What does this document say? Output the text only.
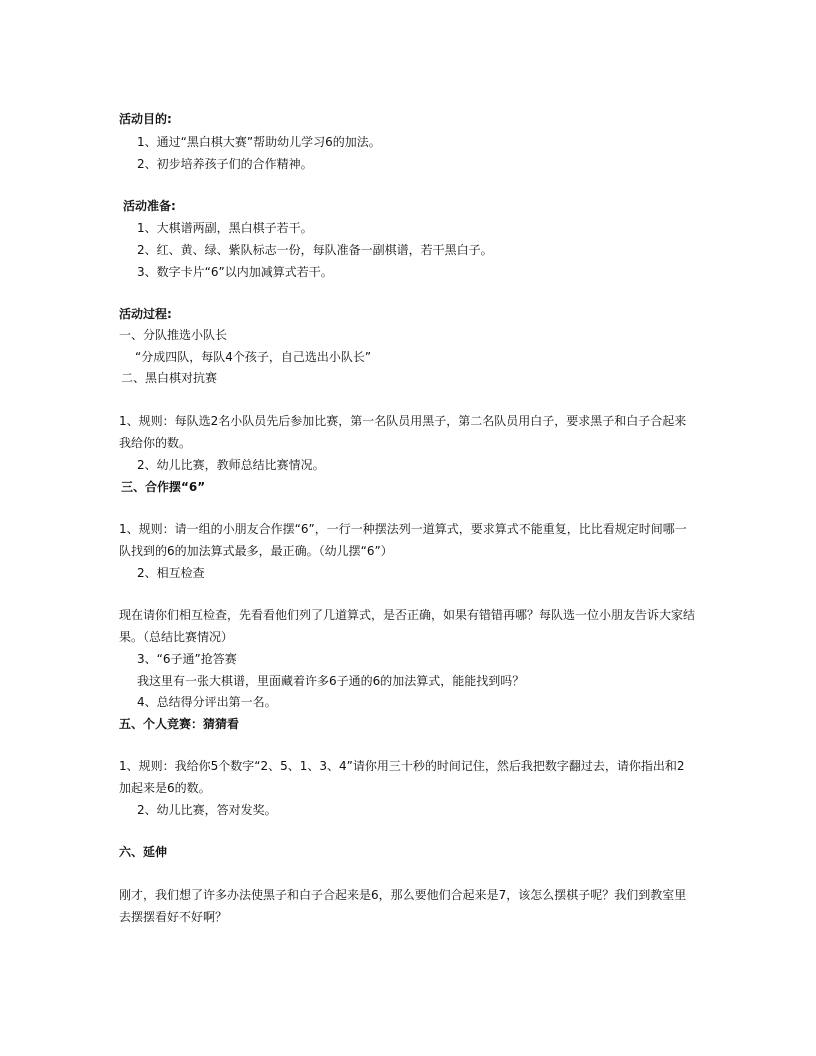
活动目的:
1、通过“黑白棋大赛”帮助幼儿学习6的加法。
2、初步培养孩子们的合作精神。
活动准备:
1、大棋谱两副，黑白棋子若干。
2、红、黄、绿、紫队标志一份，每队准备一副棋谱，若干黑白子。
3、数字卡片“6”以内加减算式若干。
活动过程:
一、分队推选小队长
“分成四队，每队4个孩子，自己选出小队长”
二、黑白棋对抗赛
1、规则：每队选2名小队员先后参加比赛，第一名队员用黑子，第二名队员用白子，要求黑子和白子合起来
我给你的数。
2、幼儿比赛，教师总结比赛情况。
三、合作摆“6”
1、规则：请一组的小朋友合作摆“6”，一行一种摆法列一道算式，要求算式不能重复，比比看规定时间哪一
队找到的6的加法算式最多，最正确。（幼儿摆“6”）
2、相互检查
现在请你们相互检查，先看看他们列了几道算式，是否正确，如果有错错再哪？每队选一位小朋友告诉大家结
果。（总结比赛情况）
3、“6子通”抢答赛
我这里有一张大棋谱，里面藏着许多6子通的6的加法算式，能能找到吗？
4、总结得分评出第一名。
五、个人竞赛：猜猜看
1、规则：我给你5个数字“2、5、1、3、4”请你用三十秒的时间记住，然后我把数字翻过去，请你指出和2
加起来是6的数。
2、幼儿比赛，答对发奖。
六、延伸
刚才，我们想了许多办法使黑子和白子合起来是6，那么要他们合起来是7，该怎么摆棋子呢？我们到教室里
去摆摆看好不好啊？
